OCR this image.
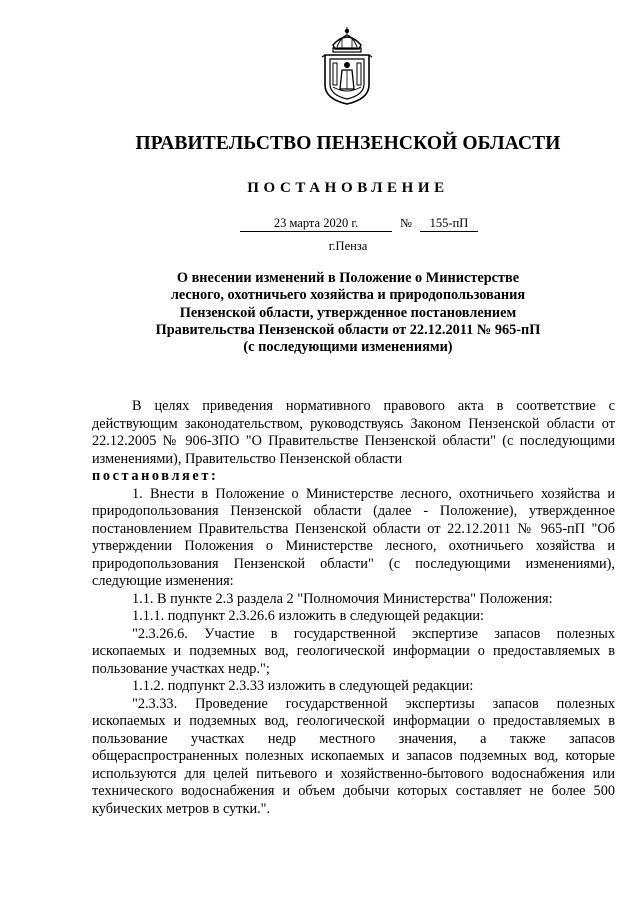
ПРАВИТЕЛЬСТВО ПЕНЗЕНСКОЙ ОБЛАСТИ
ПОСТАНОВЛЕНИЕ
23 марта 2020 г.	№	155-пП
г.Пенза
О внесении изменений в Положение о Министерстве
лесного, охотничьего хозяйства и природопользования
Пензенской области, утвержденное постановлением
Правительства Пензенской области от 22.12.2011 № 965-пП
(с последующими изменениями)

В целях приведения нормативного правового акта в соответствие с действующим законодательством, руководствуясь Законом Пензенской области от 22.12.2005 № 906-ЗПО "О Правительстве Пензенской области" (с последующими изменениями), Правительство Пензенской области

постановляет:

1. Внести в Положение о Министерстве лесного, охотничьего хозяйства и природопользования Пензенской области (далее - Положение), утвержденное постановлением Правительства Пензенской области от 22.12.2011 № 965-пП "Об утверждении Положения о Министерстве лесного, охотничьего хозяйства и природопользования Пензенской области" (с последующими изменениями), следующие изменения:

1.1. В пункте 2.3 раздела 2 "Полномочия Министерства" Положения:

1.1.1. подпункт 2.3.26.6 изложить в следующей редакции:

"2.3.26.6. Участие в государственной экспертизе запасов полезных ископаемых и подземных вод, геологической информации о предоставляемых в пользование участках недр.";

1.1.2. подпункт 2.3.33 изложить в следующей редакции:

"2.3.33. Проведение государственной экспертизы запасов полезных ископаемых и подземных вод, геологической информации о предоставляемых в пользование участках недр местного значения, а также запасов общераспространенных полезных ископаемых и запасов подземных вод, которые используются для целей питьевого и хозяйственно-бытового водоснабжения или технического водоснабжения и объем добычи которых составляет не более 500 кубических метров в сутки.".
